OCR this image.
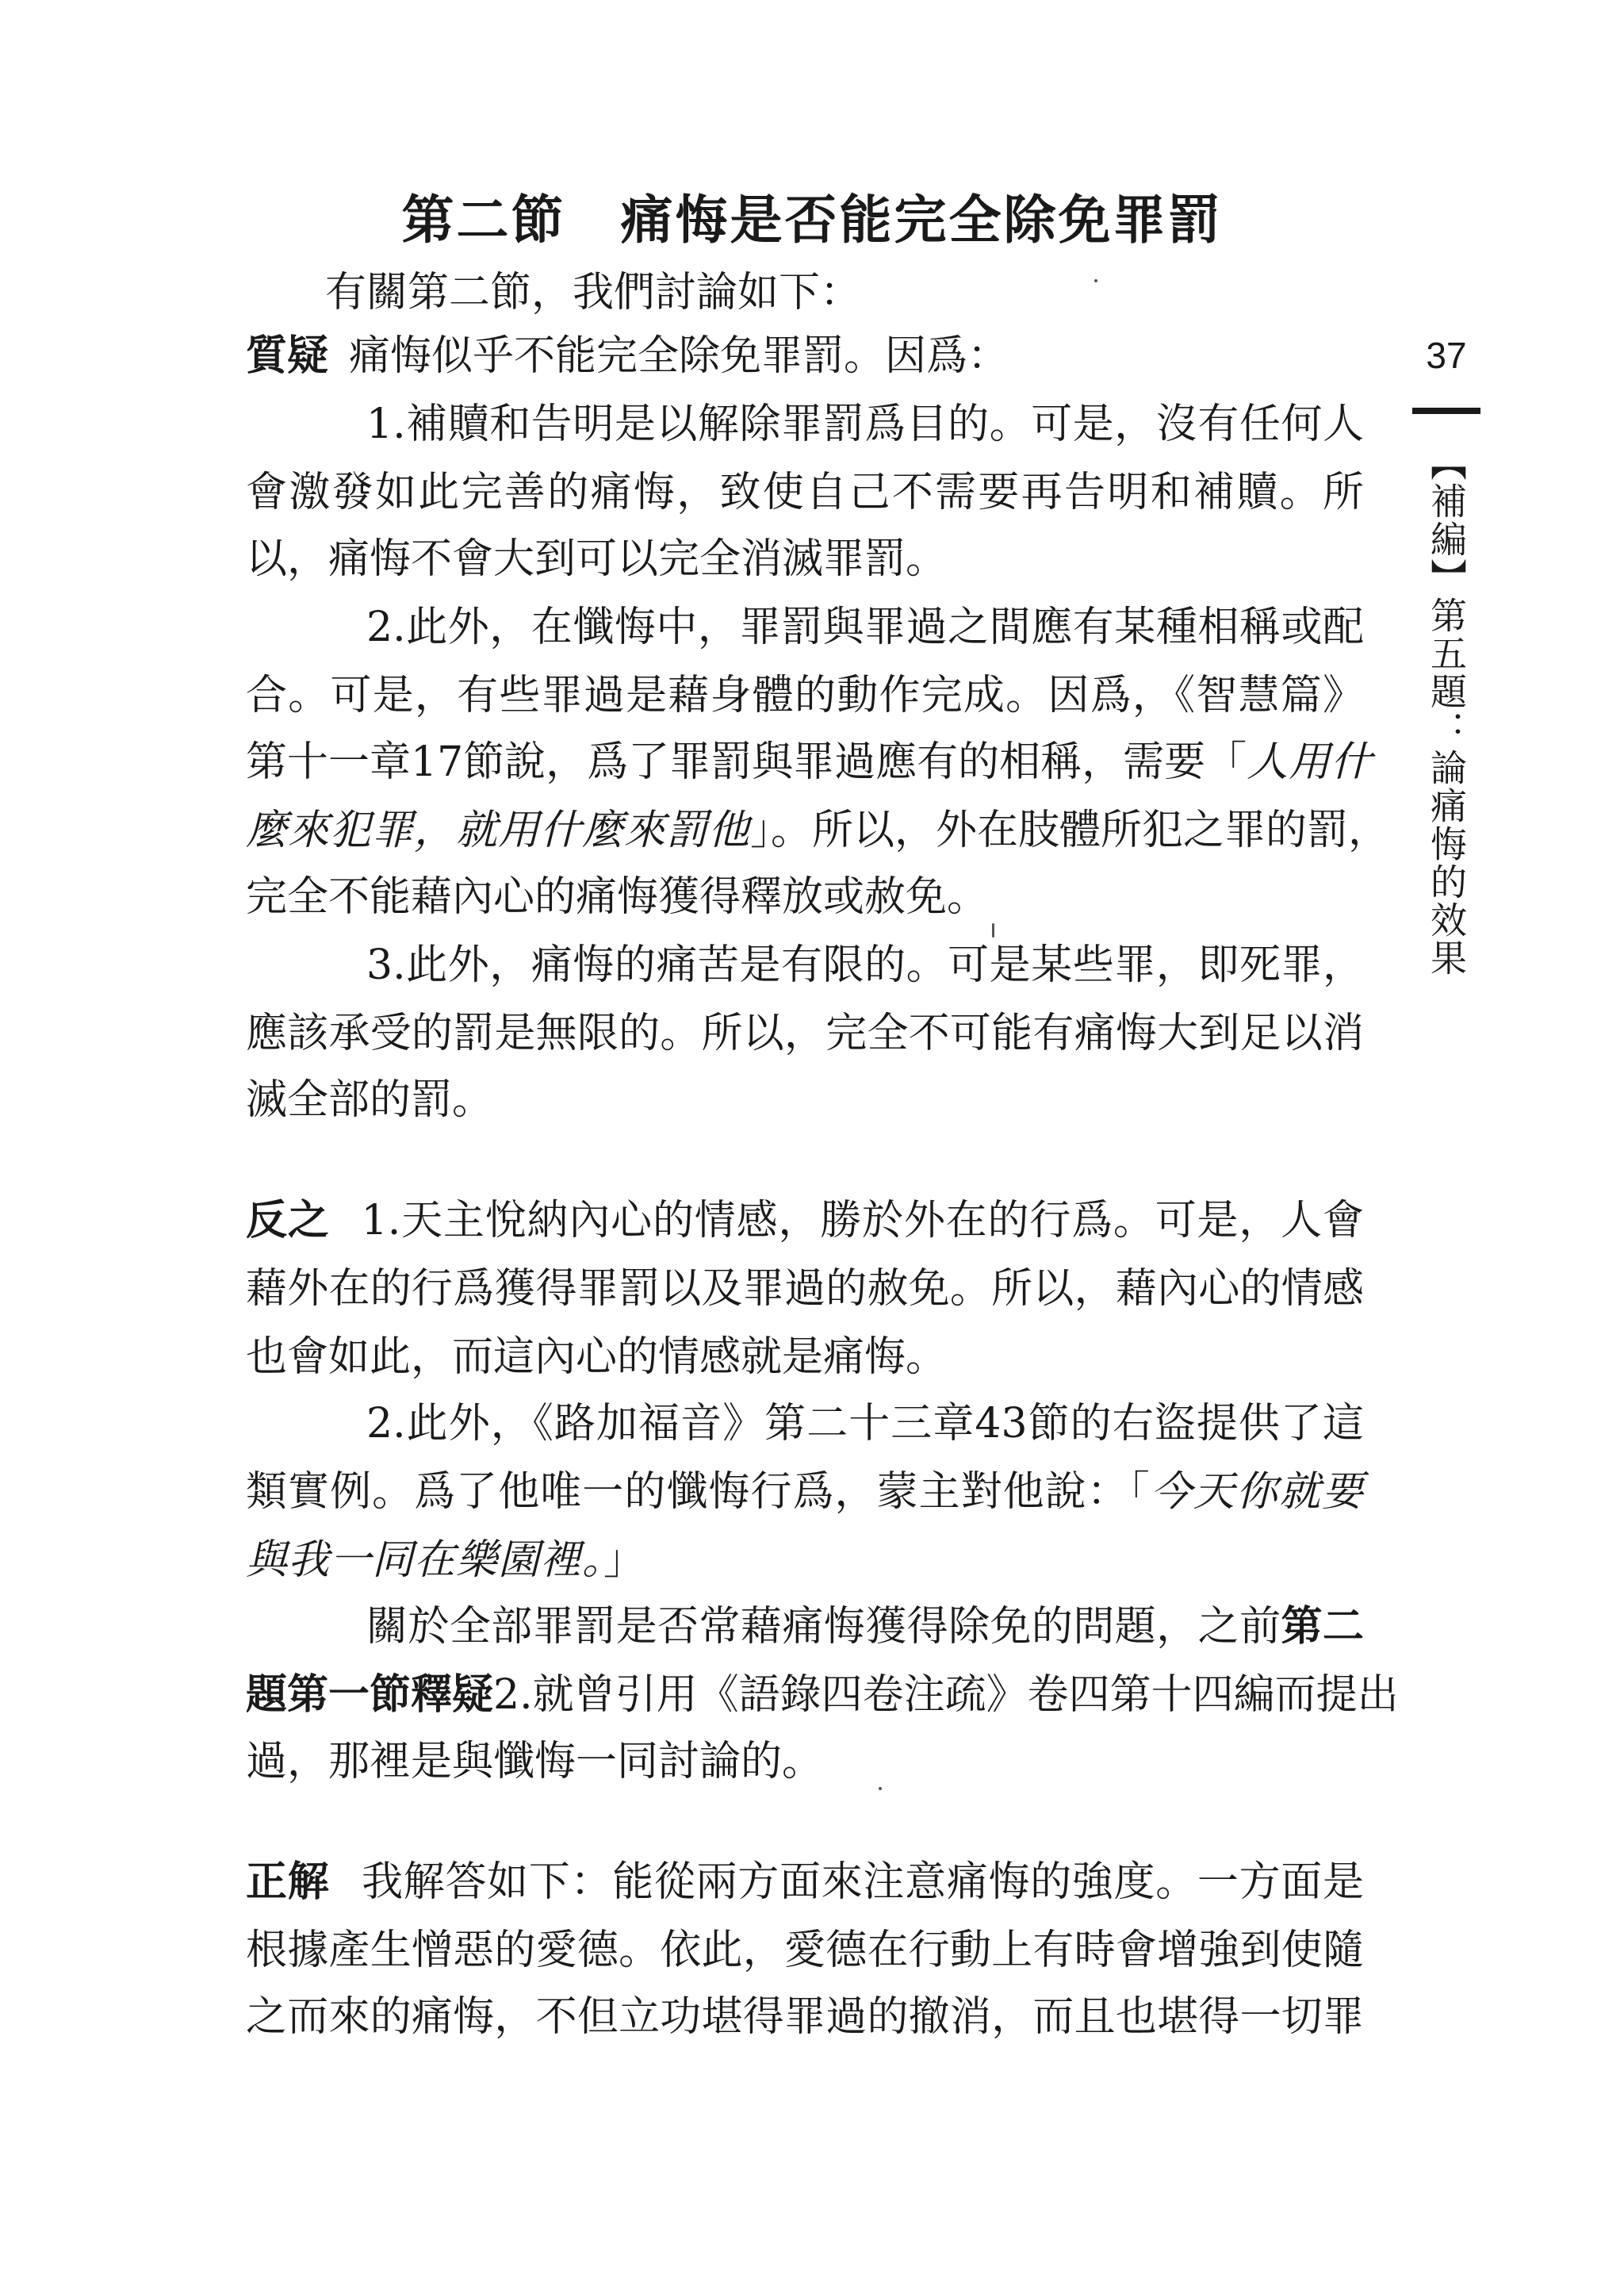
第二節　痛悔是否能完全除免罪罰
有關第二節，我們討論如下：
質疑 痛悔似乎不能完全除免罪罰。因爲：
1.補贖和告明是以解除罪罰爲目的。可是，沒有任何人
會激發如此完善的痛悔，致使自己不需要再告明和補贖。所
以，痛悔不會大到可以完全消滅罪罰。
2.此外，在懺悔中，罪罰與罪過之間應有某種相稱或配
合。可是，有些罪過是藉身體的動作完成。因爲，《智慧篇》
第十一章17節說，爲了罪罰與罪過應有的相稱，需要「人用什
麼來犯罪，就用什麼來罰他」。所以，外在肢體所犯之罪的罰，
完全不能藉內心的痛悔獲得釋放或赦免。
3.此外，痛悔的痛苦是有限的。可是某些罪，即死罪，
應該承受的罰是無限的。所以，完全不可能有痛悔大到足以消
滅全部的罰。
反之 1.天主悅納內心的情感，勝於外在的行爲。可是，人會
藉外在的行爲獲得罪罰以及罪過的赦免。所以，藉內心的情感
也會如此，而這內心的情感就是痛悔。
2.此外，《路加福音》第二十三章43節的右盜提供了這
類實例。爲了他唯一的懺悔行爲，蒙主對他說：「今天你就要
與我一同在樂園裡。」
關於全部罪罰是否常藉痛悔獲得除免的問題，之前第二
題第一節釋疑2.就曾引用《語錄四卷注疏》卷四第十四編而提出
過，那裡是與懺悔一同討論的。
正解 我解答如下：能從兩方面來注意痛悔的強度。一方面是
根據產生憎惡的愛德。依此，愛德在行動上有時會增強到使隨
之而來的痛悔，不但立功堪得罪過的撤消，而且也堪得一切罪
37
【補編】第五題：論痛悔的效果
